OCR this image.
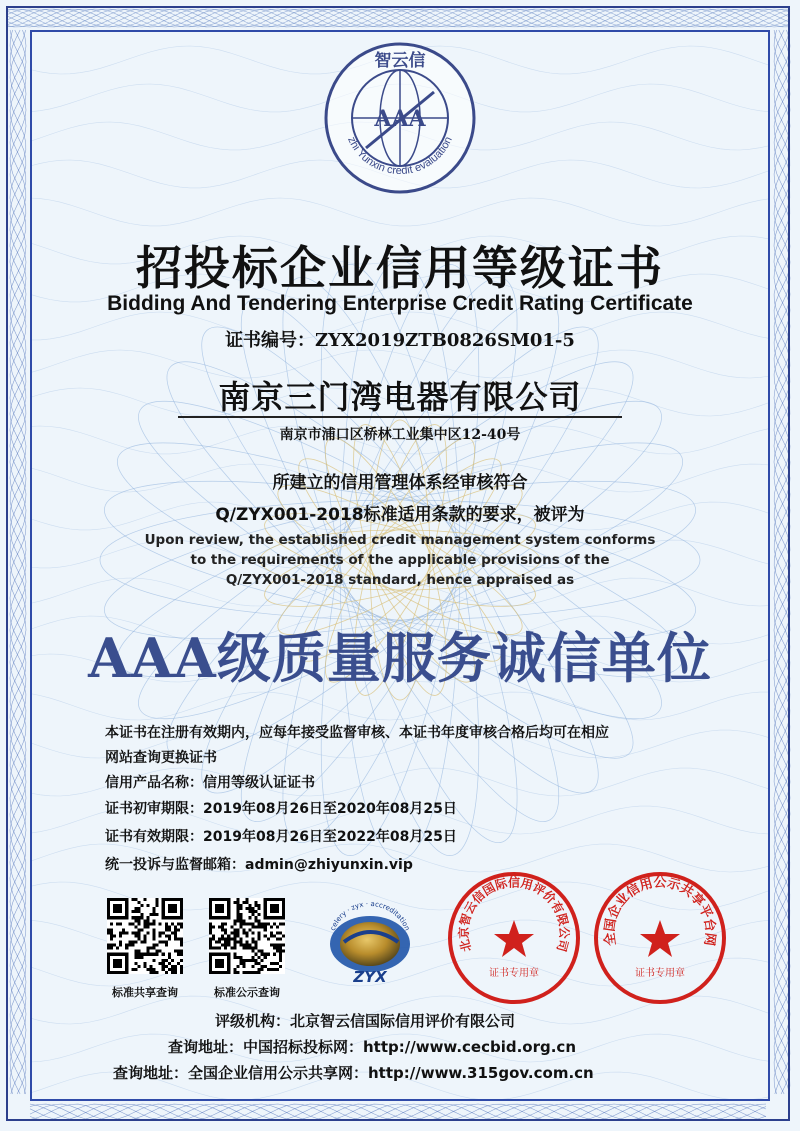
AAA
智云信
zhi Yunxin credit evaluation
招投标企业信用等级证书
Bidding And Tendering Enterprise Credit Rating Certificate
证书编号：ZYX2019ZTB0826SM01-5
南京三门湾电器有限公司
南京市浦口区桥林工业集中区12-40号
所建立的信用管理体系经审核符合
Q/ZYX001-2018标准适用条款的要求，被评为
Upon review, the established credit management system conforms
to the requirements of the applicable provisions of the
Q/ZYX001-2018 standard, hence appraised as
AAA级质量服务诚信单位
本证书在注册有效期内，应每年接受监督审核、本证书年度审核合格后均可在相应
网站查询更换证书
信用产品名称：信用等级认证证书
证书初审期限：2019年08月26日至2020年08月25日
证书有效期限：2019年08月26日至2022年08月25日
统一投诉与监督邮箱：admin@zhiyunxin.vip
标准共享查询	标准公示查询
celery · zyx · accreditation
ZYX
北京智云信国际信用评价有限公司
证书专用章
全国企业信用公示共享平台网
证书专用章
评级机构：北京智云信国际信用评价有限公司
查询地址：中国招标投标网：http://www.cecbid.org.cn
查询地址：全国企业信用公示共享网：http://www.315gov.com.cn
